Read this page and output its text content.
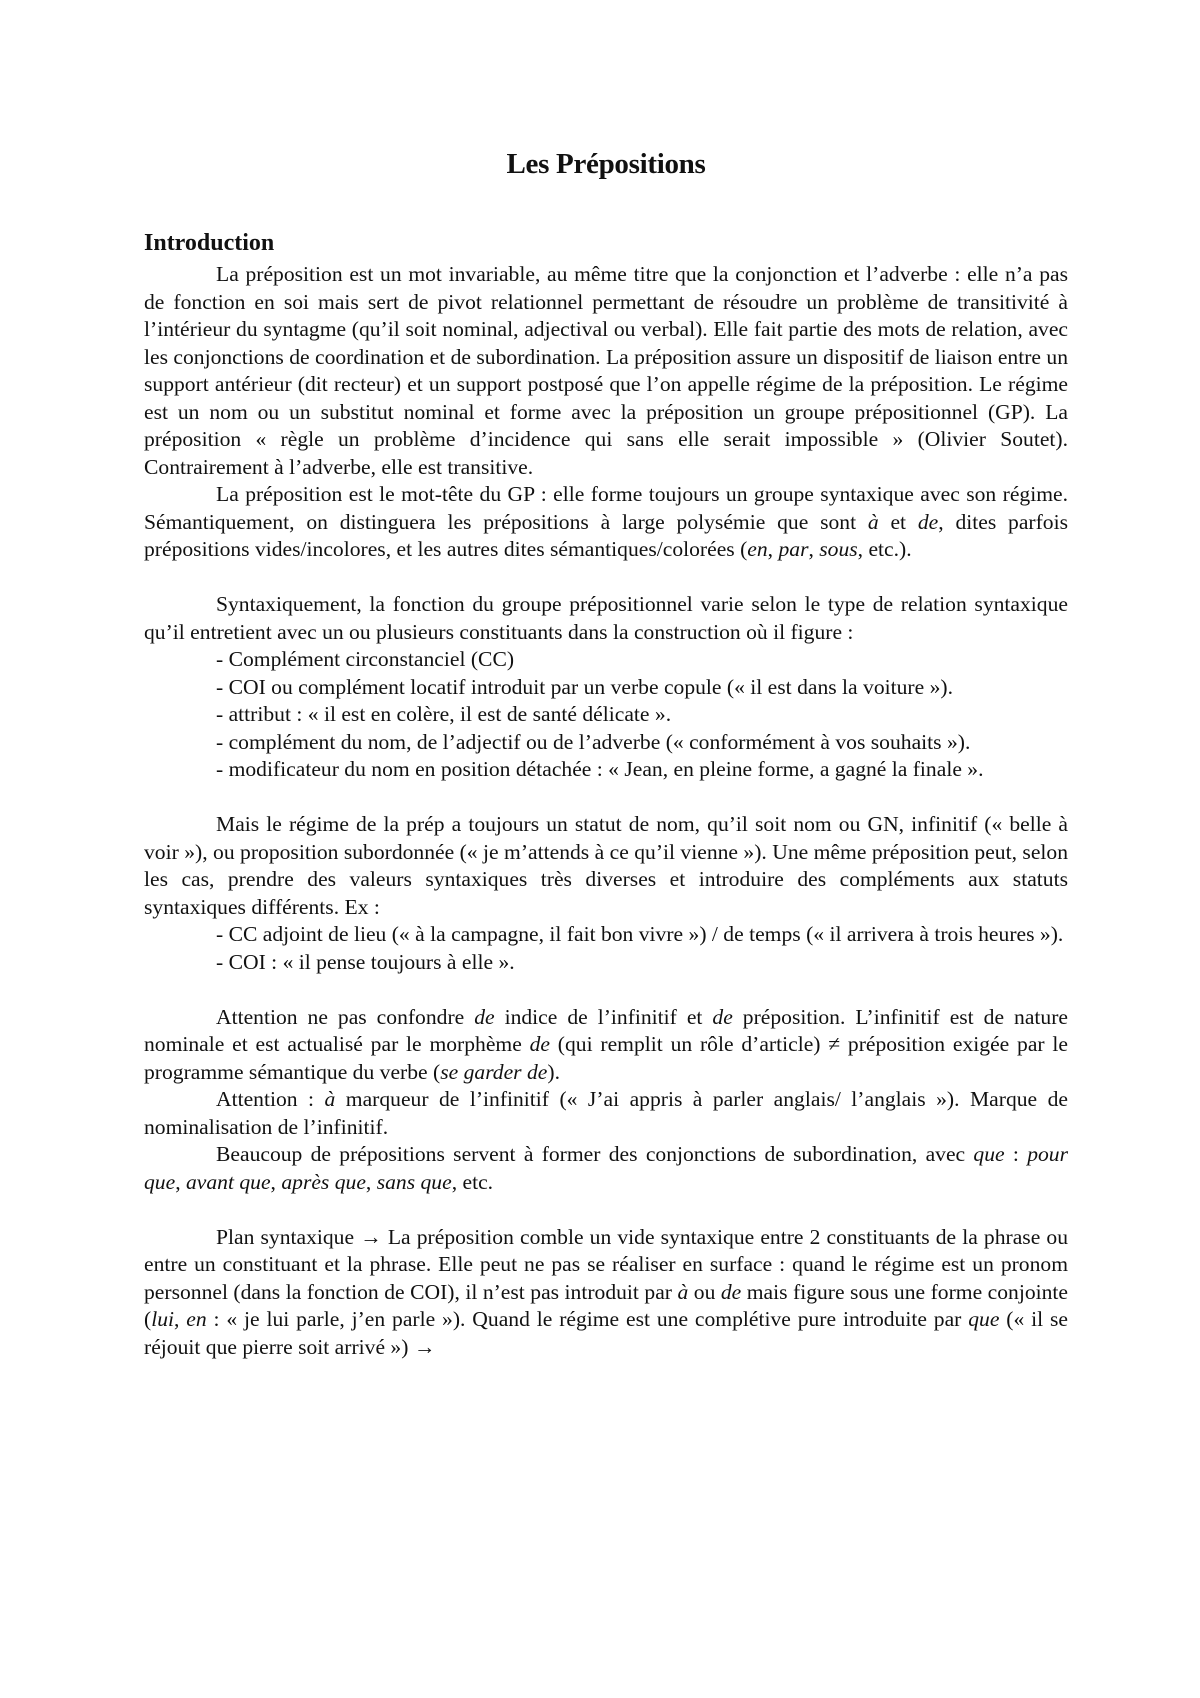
Les Prépositions
Introduction

La préposition est un mot invariable, au même titre que la conjonction et l’adverbe : elle n’a pas de fonction en soi mais sert de pivot relationnel permettant de résoudre un problème de transitivité à l’intérieur du syntagme (qu’il soit nominal, adjectival ou verbal). Elle fait partie des mots de relation, avec les conjonctions de coordination et de subordination. La préposition assure un dispositif de liaison entre un support antérieur (dit recteur) et un support postposé que l’on appelle régime de la préposition. Le régime est un nom ou un substitut nominal et forme avec la préposition un groupe prépositionnel (GP). La préposition « règle un problème d’incidence qui sans elle serait impossible » (Olivier Soutet). Contrairement à l’adverbe, elle est transitive.

La préposition est le mot-tête du GP : elle forme toujours un groupe syntaxique avec son régime. Sémantiquement, on distinguera les prépositions à large polysémie que sont à et de, dites parfois prépositions vides/incolores, et les autres dites sémantiques/colorées (en, par, sous, etc.).

Syntaxiquement, la fonction du groupe prépositionnel varie selon le type de relation syntaxique qu’il entretient avec un ou plusieurs constituants dans la construction où il figure :

- Complément circonstanciel (CC)

- COI ou complément locatif introduit par un verbe copule (« il est dans la voiture »).

- attribut : « il est en colère, il est de santé délicate ».

- complément du nom, de l’adjectif ou de l’adverbe (« conformément à vos souhaits »).

- modificateur du nom en position détachée : « Jean, en pleine forme, a gagné la finale ».

Mais le régime de la prép a toujours un statut de nom, qu’il soit nom ou GN, infinitif (« belle à voir »), ou proposition subordonnée (« je m’attends à ce qu’il vienne »). Une même préposition peut, selon les cas, prendre des valeurs syntaxiques très diverses et introduire des compléments aux statuts syntaxiques différents. Ex :

- CC adjoint de lieu (« à la campagne, il fait bon vivre ») / de temps (« il arrivera à trois heures »).

- COI : « il pense toujours à elle ».

Attention ne pas confondre de indice de l’infinitif et de préposition. L’infinitif est de nature nominale et est actualisé par le morphème de (qui remplit un rôle d’article) ≠ préposition exigée par le programme sémantique du verbe (se garder de).

Attention : à marqueur de l’infinitif (« J’ai appris à parler anglais/ l’anglais »). Marque de nominalisation de l’infinitif.

Beaucoup de prépositions servent à former des conjonctions de subordination, avec que : pour que, avant que, après que, sans que, etc.

Plan syntaxique → La préposition comble un vide syntaxique entre 2 constituants de la phrase ou entre un constituant et la phrase. Elle peut ne pas se réaliser en surface : quand le régime est un pronom personnel (dans la fonction de COI), il n’est pas introduit par à ou de mais figure sous une forme conjointe (lui, en : « je lui parle, j’en parle »). Quand le régime est une complétive pure introduite par que (« il se réjouit que pierre soit arrivé ») →
